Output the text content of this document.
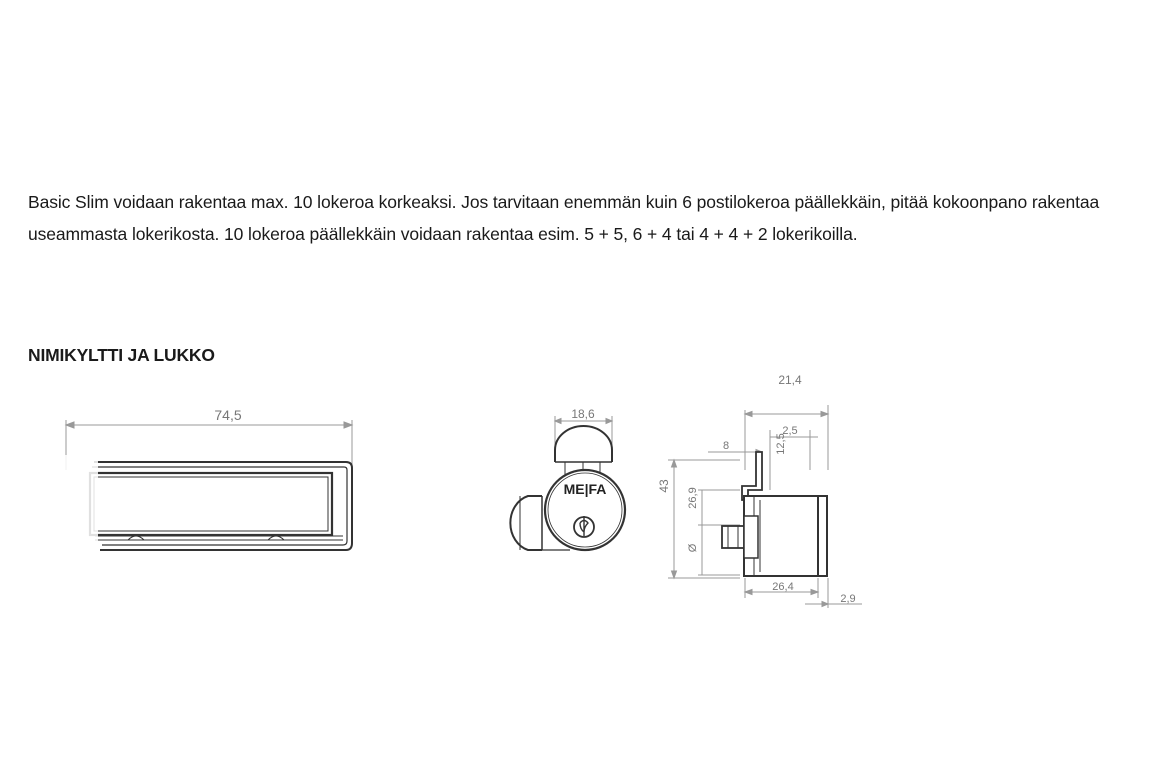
Basic Slim voidaan rakentaa max. 10 lokeroa korkeaksi. Jos tarvitaan enemmän kuin 6 postilokeroa päällekkäin, pitää kokoonpano rakentaa useammasta lokerikosta. 10 lokeroa päällekkäin voidaan rakentaa esim. 5 + 5, 6 + 4 tai 4 + 4 + 2 lokerikoilla.

NIMIKYLTTI JA LUKKO
74,5	18,6
ME|FA
21,4
2,5
8	12,5
43
26,9
Ø
26,4
2,9
